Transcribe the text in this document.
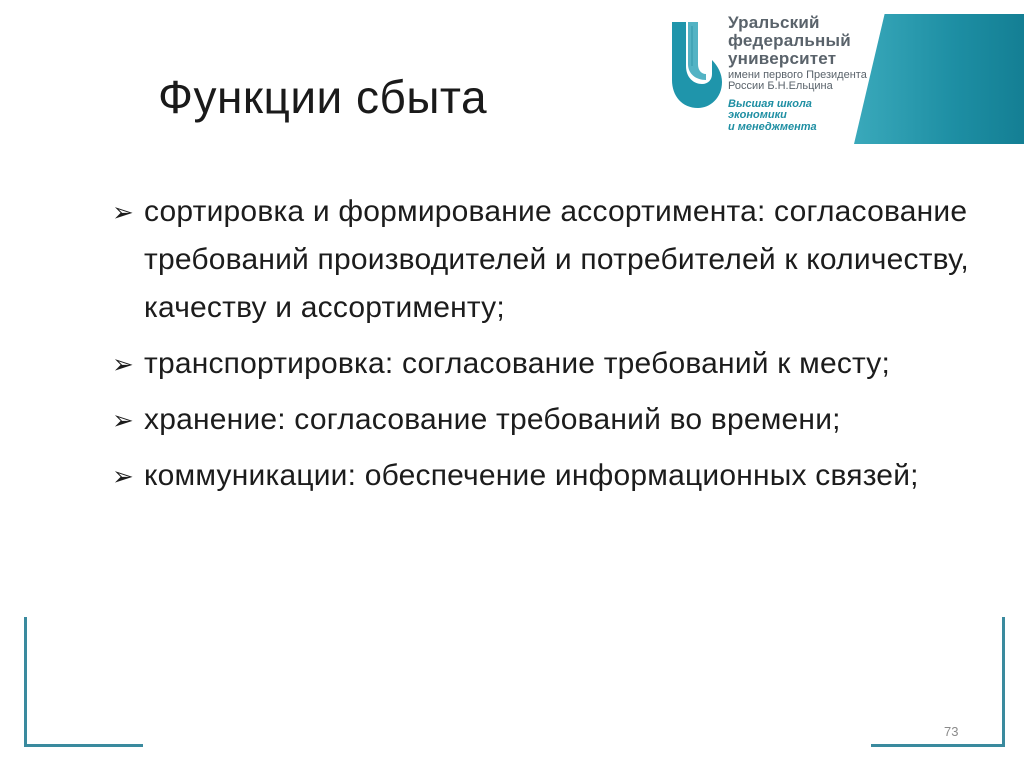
Функции сбыта
Уральский
федеральный
университет
имени первого Президента
России Б.Н.Ельцина
Высшая школа
экономики
и менеджмента
➢ сортировка и формирование ассортимента: согласование требований производителей и потребителей к количеству, качеству и ассортименту;
➢ транспортировка: согласование требований к месту;
➢ хранение: согласование требований во времени;
➢ коммуникации: обеспечение информационных связей;
73
